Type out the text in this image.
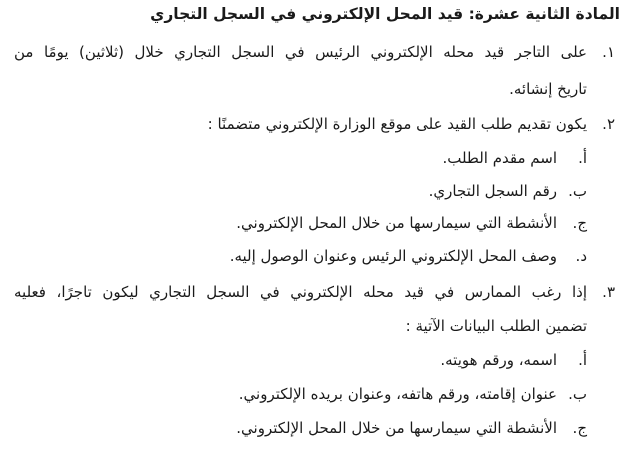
المادة الثانية عشرة: قيد المحل الإلكتروني في السجل التجاري
١.
على التاجر قيد محله الإلكتروني الرئيس في السجل التجاري خلال (ثلاثين) يومًا من
تاريخ إنشائه.
٢.
يكون تقديم طلب القيد على موقع الوزارة الإلكتروني متضمنًا :
أ.
اسم مقدم الطلب.
ب.
رقم السجل التجاري.
ج.
الأنشطة التي سيمارسها من خلال المحل الإلكتروني.
د.
وصف المحل الإلكتروني الرئيس وعنوان الوصول إليه.
٣.
إذا رغب الممارس في قيد محله الإلكتروني في السجل التجاري ليكون تاجرًا، فعليه
تضمين الطلب البيانات الآتية :
أ.
اسمه، ورقم هويته.
ب.
عنوان إقامته، ورقم هاتفه، وعنوان بريده الإلكتروني.
ج.
الأنشطة التي سيمارسها من خلال المحل الإلكتروني.
